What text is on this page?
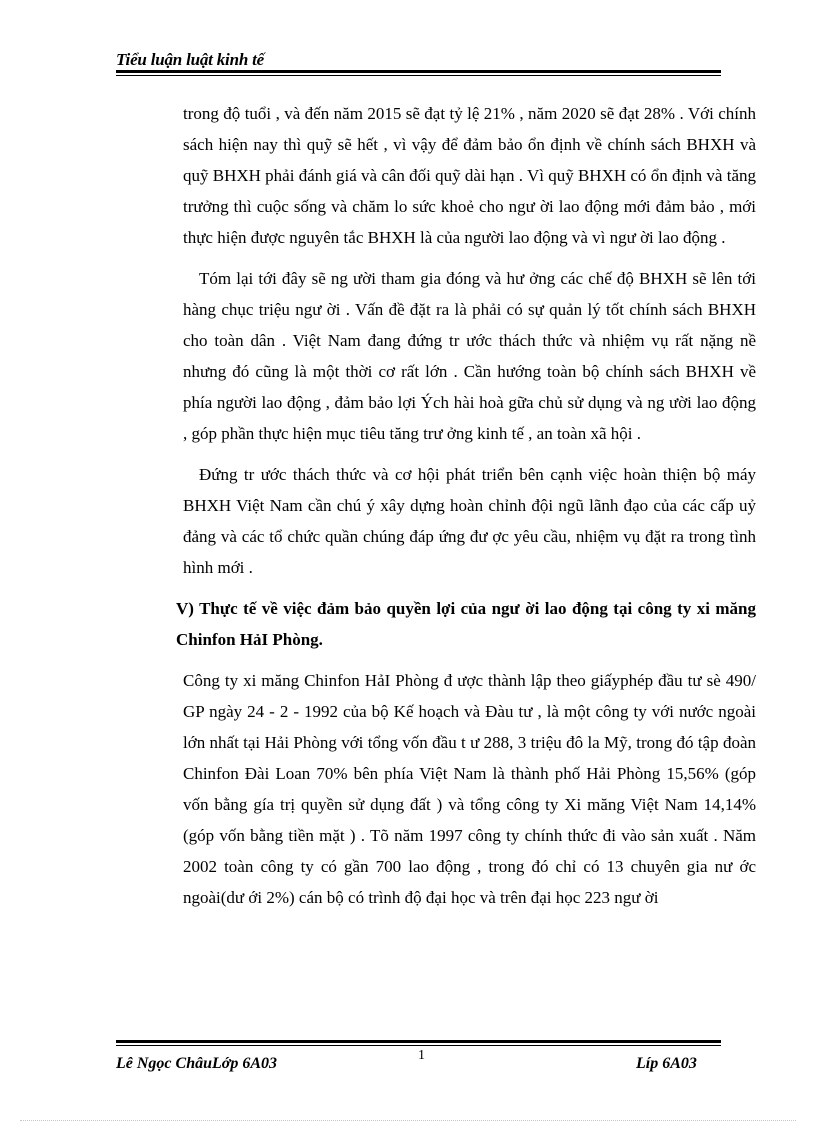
Tiểu luận luật kinh tế

trong độ tuổi , và đến năm 2015 sẽ đạt tỷ lệ 21% , năm 2020 sẽ đạt 28% . Với chính sách hiện nay thì quỹ sẽ hết , vì vậy để đảm bảo ổn định về chính sách BHXH và quỹ BHXH phải đánh giá và cân đối quỹ dài hạn . Vì quỹ BHXH có ổn định và tăng trưởng thì cuộc sống và chăm lo sức khoẻ cho ngư ời lao động mới đảm bảo , mới thực hiện được nguyên tắc BHXH là của người lao động và vì ngư ời lao động .

Tóm lại tới đây sẽ ng ười tham gia đóng và hư ởng các chế độ BHXH sẽ lên tới hàng chục triệu ngư ời . Vấn đề đặt ra là phải có sự quản lý tốt chính sách BHXH cho toàn dân . Việt Nam đang đứng tr ước thách thức và nhiệm vụ rất nặng nề nhưng đó cũng là một thời cơ rất lớn . Cần hướng toàn bộ chính sách BHXH về phía người lao động , đảm bảo lợi Ých hài hoà gữa chủ sử dụng và ng ười lao động , góp phần thực hiện mục tiêu tăng trư ởng kinh tế , an toàn xã hội .

Đứng tr ước thách thức và cơ hội phát triển bên cạnh việc hoàn thiện bộ máy BHXH Việt Nam cần chú ý xây dựng hoàn chỉnh đội ngũ lãnh đạo của các cấp uỷ đảng và các tổ chức quần chúng đáp ứng đư ợc yêu cầu, nhiệm vụ đặt ra trong tình hình mới .

V) Thực tế về việc đảm bảo quyền lợi của ngư ời lao động tại công ty xi măng Chinfon HảI Phòng.

Công ty xi măng Chinfon HảI Phòng đ ược thành lập theo giấyphép đầu tư sè 490/ GP ngày 24 - 2 - 1992 của bộ Kế hoạch và Đàu tư , là một công ty với nước ngoài lớn nhất tại Hải Phòng với tổng vốn đầu t ư 288, 3 triệu đô la Mỹ, trong đó tập đoàn Chinfon Đài Loan 70% bên phía Việt Nam là thành phố Hải Phòng 15,56% (góp vốn bằng gía trị quyền sử dụng đất ) và tổng công ty Xi măng Việt Nam 14,14% (góp vốn bằng tiền mặt ) . Tõ năm 1997 công ty chính thức đi vào sản xuất . Năm 2002 toàn công ty có gần 700 lao động , trong đó chỉ có 13 chuyên gia nư ớc ngoài(dư ới 2%) cán bộ có trình độ đại học và trên đại học 223 ngư ời

Lê Ngọc ChâuLớp 6A03	1	Líp 6A03
